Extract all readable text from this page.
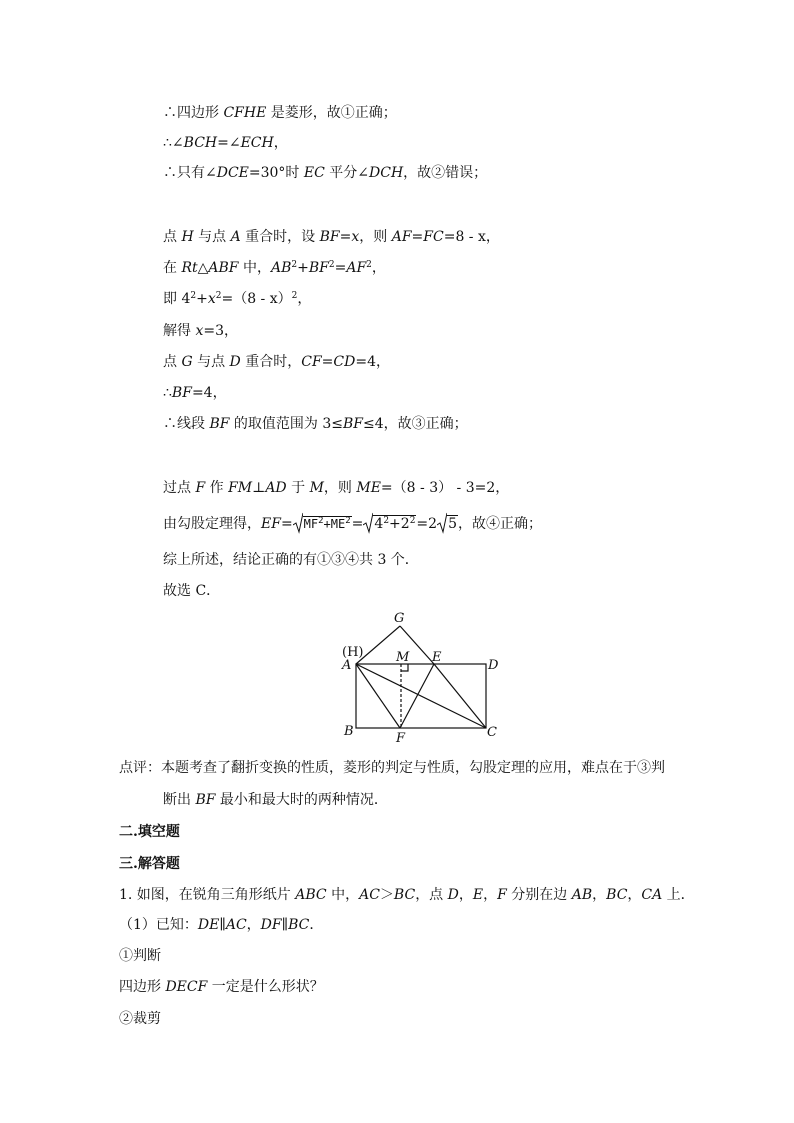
∴四边形 CFHE 是菱形，故①正确；
∴∠BCH=∠ECH，
∴只有∠DCE=30°时 EC 平分∠DCH，故②错误；
点 H 与点 A 重合时，设 BF=x，则 AF=FC=8 - x，
在 Rt△ABF 中，$AB^2+BF^2=AF^2$，
即 $4^2+x^2=(8 - x)^2$，
解得 x=3，
点 G 与点 D 重合时，CF=CD=4，
∴BF=4，
∴线段 BF 的取值范围为 3≤BF≤4，故③正确；
过点 F 作 FM⊥AD 于 M，则 ME=（8 - 3） - 3=2，
由勾股定理得，$EF= MF^2+ME^2= 4^2+2^2=2$ 5，故④正确；
综上所述，结论正确的有①③④共 3 个．
故选 C．
G
(H)
A
M E
D
B	F	C
点评：本题考查了翻折变换的性质，菱形的判定与性质，勾股定理的应用，难点在于③判
断出 BF 最小和最大时的两种情况．
二.填空题
三.解答题
1. 如图，在锐角三角形纸片 ABC 中，AC＞BC，点 D，E，F 分别在边 AB，BC，CA 上．
（1）已知：DE∥AC，DF∥BC．
①判断
四边形 DECF 一定是什么形状？
②裁剪
